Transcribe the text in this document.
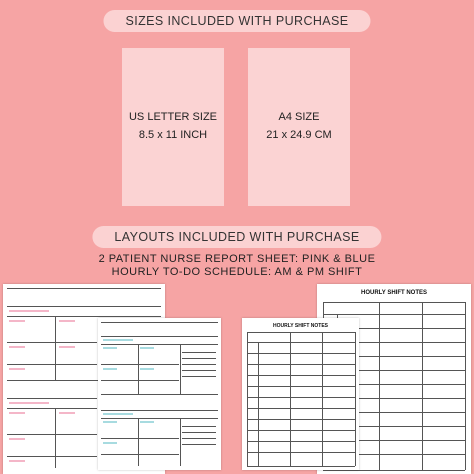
SIZES INCLUDED WITH PURCHASE
US LETTER SIZE
8.5 x 11 INCH
A4 SIZE
21 x 24.9 CM
LAYOUTS INCLUDED WITH PURCHASE
2 PATIENT NURSE REPORT SHEET: PINK & BLUE
HOURLY TO-DO SCHEDULE: AM & PM SHIFT
HOURLY SHIFT NOTES
HOURLY SHIFT NOTES
